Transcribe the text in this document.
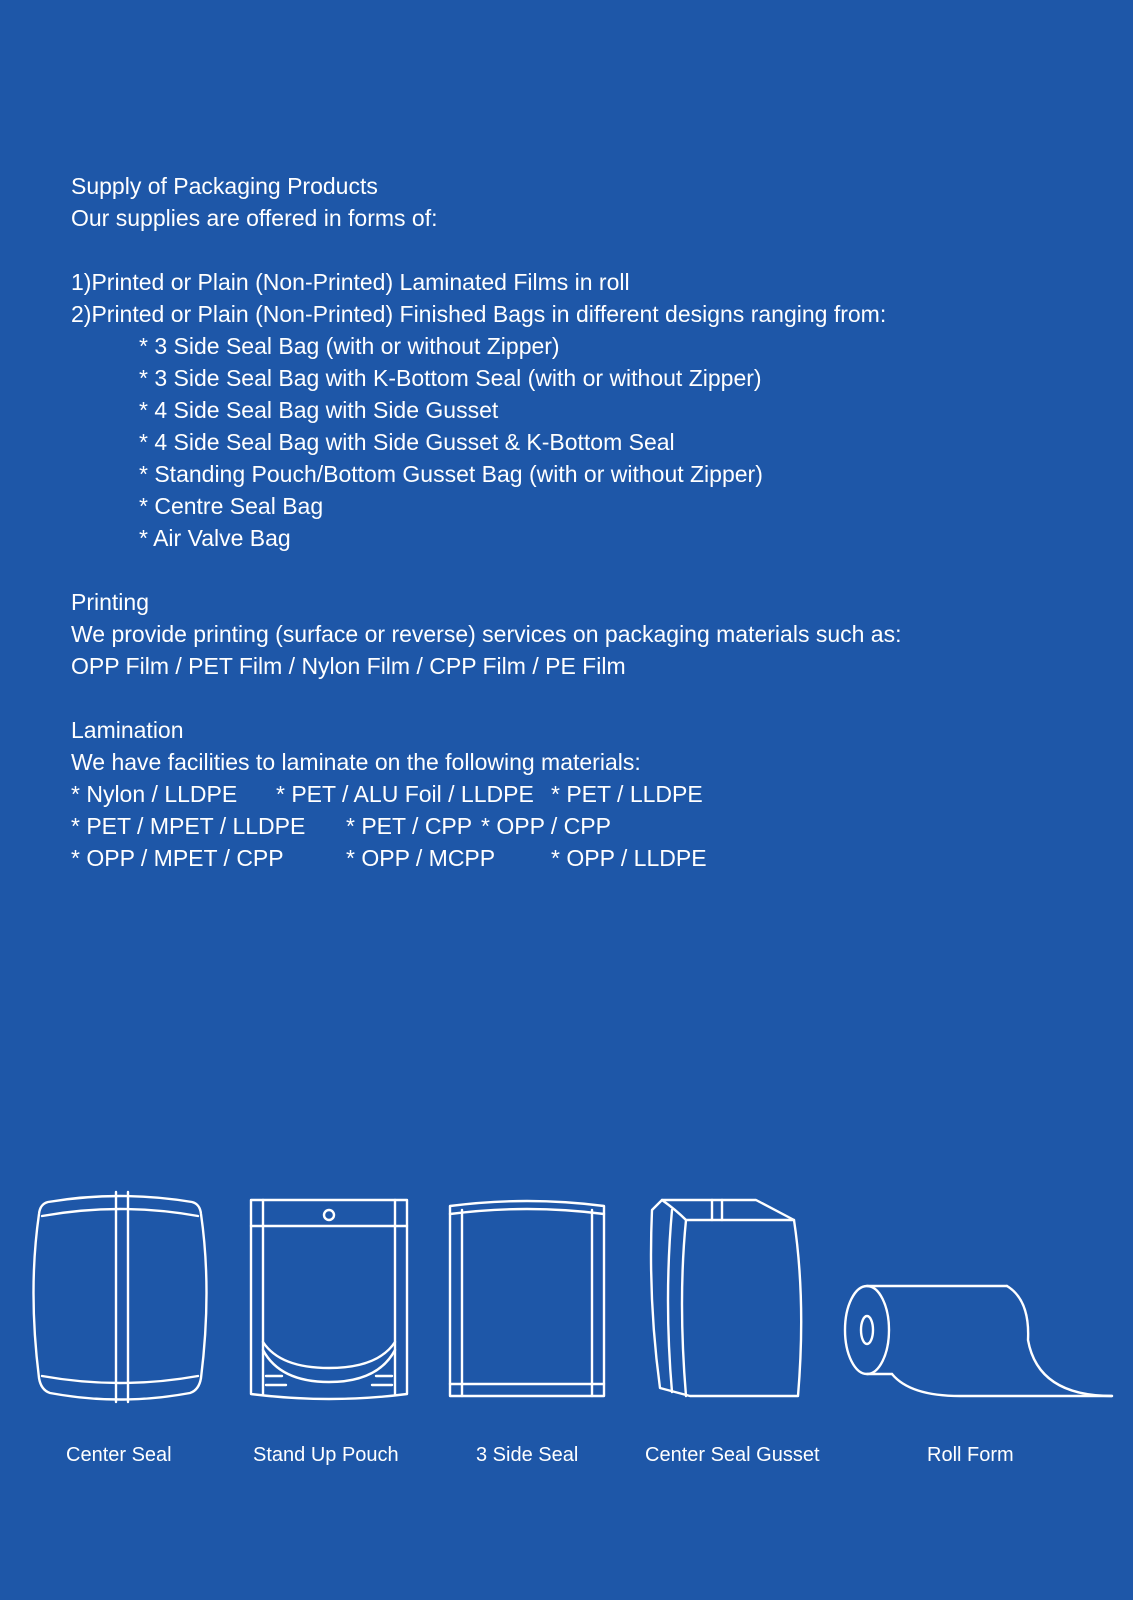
Supply of Packaging Products
Our supplies are offered in forms of:
1)Printed or Plain (Non-Printed) Laminated Films in roll
2)Printed or Plain (Non-Printed) Finished Bags in different designs ranging from:
* 3 Side Seal Bag (with or without Zipper)
* 3 Side Seal Bag with K-Bottom Seal (with or without Zipper)
* 4 Side Seal Bag with Side Gusset
* 4 Side Seal Bag with Side Gusset & K-Bottom Seal
* Standing Pouch/Bottom Gusset Bag (with or without Zipper)
* Centre Seal Bag
* Air Valve Bag
Printing
We provide printing (surface or reverse) services on packaging materials such as:
OPP Film / PET Film / Nylon Film / CPP Film / PE Film
Lamination
We have facilities to laminate on the following materials:
* Nylon / LLDPE * PET / ALU Foil / LLDPE * PET / LLDPE
* PET / MPET / LLDPE * PET / CPP * OPP / CPP
* OPP / MPET / CPP	* OPP / MCPP * OPP / LLDPE
Center Seal	Stand Up Pouch	3 Side Seal	Center Seal Gusset	Roll Form
